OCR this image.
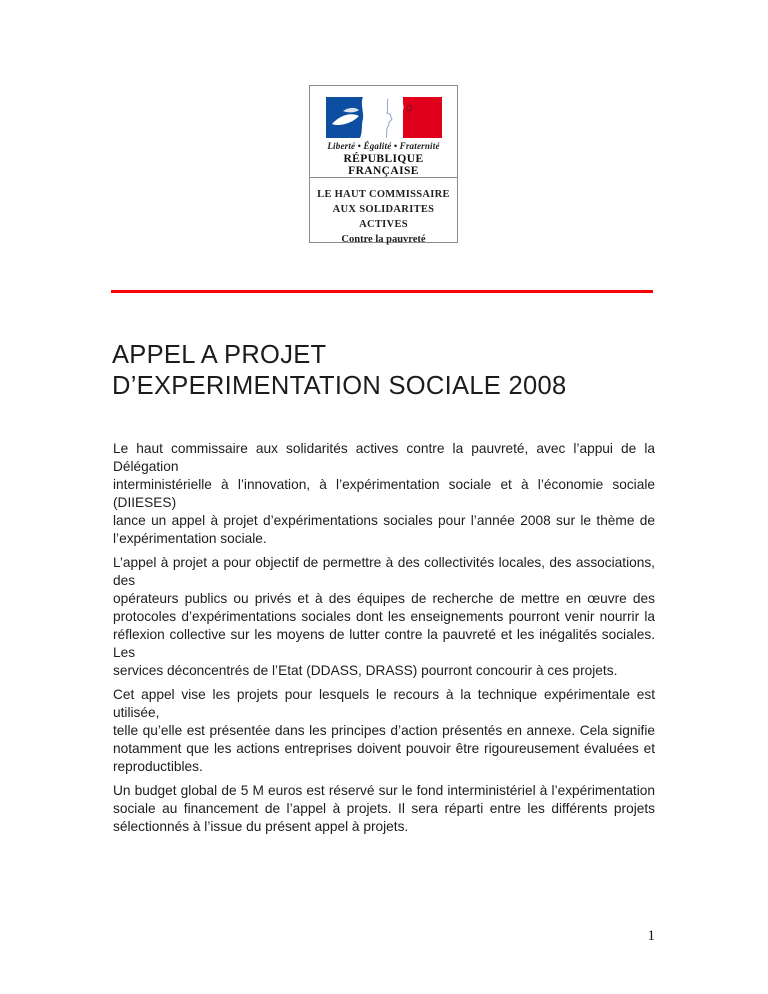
Liberté • Égalité • Fraternité
RÉPUBLIQUE FRANÇAISE
LE HAUT COMMISSAIRE
AUX SOLIDARITES ACTIVES
Contre la pauvreté
APPEL A PROJET
D’EXPERIMENTATION SOCIALE 2008

Le haut commissaire aux solidarités actives contre la pauvreté, avec l’appui de la Délégation
interministérielle à l’innovation, à l’expérimentation sociale et à l’économie sociale (DIIESES)
lance un appel à projet d’expérimentations sociales pour l’année 2008 sur le thème de
l’expérimentation sociale.

L’appel à projet a pour objectif de permettre à des collectivités locales, des associations, des
opérateurs publics ou privés et à des équipes de recherche de mettre en œuvre des
protocoles d’expérimentations sociales dont les enseignements pourront venir nourrir la
réflexion collective sur les moyens de lutter contre la pauvreté et les inégalités sociales. Les
services déconcentrés de l’Etat (DDASS, DRASS) pourront concourir à ces projets.

Cet appel vise les projets pour lesquels le recours à la technique expérimentale est utilisée,
telle qu’elle est présentée dans les principes d’action présentés en annexe. Cela signifie
notamment que les actions entreprises doivent pouvoir être rigoureusement évaluées et
reproductibles.

Un budget global de 5 M euros est réservé sur le fond interministériel à l’expérimentation
sociale au financement de l’appel à projets. Il sera réparti entre les différents projets
sélectionnés à l’issue du présent appel à projets.

1
